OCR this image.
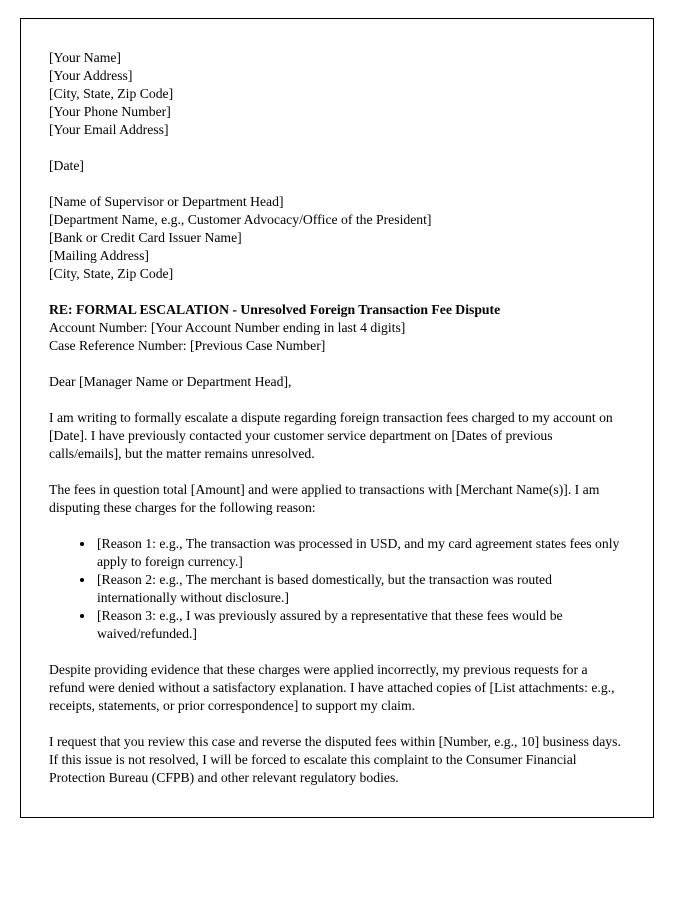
[Your Name]
[Your Address]
[City, State, Zip Code]
[Your Phone Number]
[Your Email Address]
[Date]
[Name of Supervisor or Department Head]
[Department Name, e.g., Customer Advocacy/Office of the President]
[Bank or Credit Card Issuer Name]
[Mailing Address]
[City, State, Zip Code]
RE: FORMAL ESCALATION - Unresolved Foreign Transaction Fee Dispute
Account Number: [Your Account Number ending in last 4 digits]
Case Reference Number: [Previous Case Number]
Dear [Manager Name or Department Head],

I am writing to formally escalate a dispute regarding foreign transaction fees charged to my account on [Date]. I have previously contacted your customer service department on [Dates of previous calls/emails], but the matter remains unresolved.

The fees in question total [Amount] and were applied to transactions with [Merchant Name(s)]. I am disputing these charges for the following reason:

• [Reason 1: e.g., The transaction was processed in USD, and my card agreement states fees only apply to foreign currency.]
• [Reason 2: e.g., The merchant is based domestically, but the transaction was routed internationally without disclosure.]
• [Reason 3: e.g., I was previously assured by a representative that these fees would be waived/refunded.]

Despite providing evidence that these charges were applied incorrectly, my previous requests for a refund were denied without a satisfactory explanation. I have attached copies of [List attachments: e.g., receipts, statements, or prior correspondence] to support my claim.

I request that you review this case and reverse the disputed fees within [Number, e.g., 10] business days. If this issue is not resolved, I will be forced to escalate this complaint to the Consumer Financial Protection Bureau (CFPB) and other relevant regulatory bodies.
